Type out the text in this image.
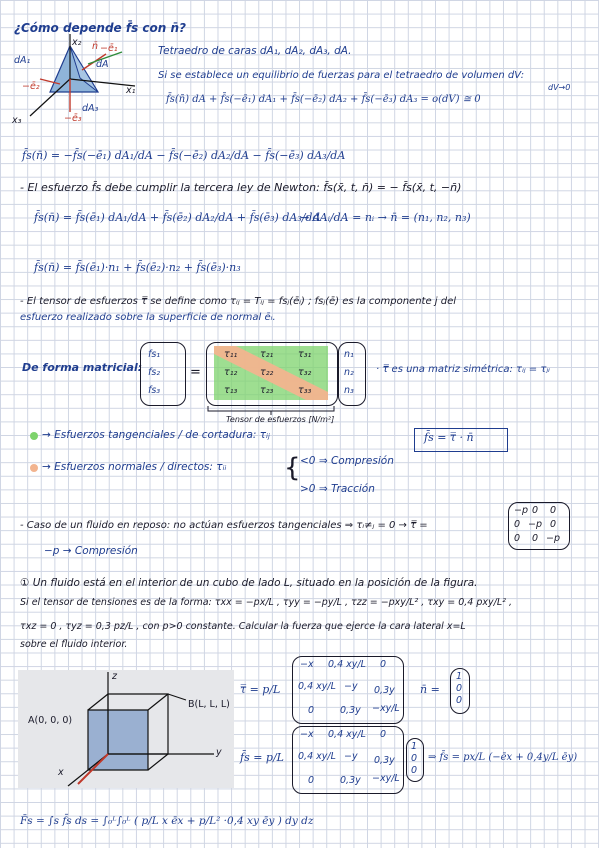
¿Cómo depende f̄s con n̄?
dA₁	dA
−ē₂
−ē₁
dA₃
−ē₃
n̄
x₁
x₂
x₃
Tetraedro de caras dA₁, dA₂, dA₃, dA.
Si se establece un equilibrio de fuerzas para el tetraedro de volumen dV:
f̄s(n̄) dA + f̄s(−ē₁) dA₁ + f̄s(−ē₂) dA₂ + f̄s(−ē₃) dA₃ = o(dV) ≅ 0
dV→0
f̄s(n̄) = −f̄s(−ē₁) dA₁/dA − f̄s(−ē₂) dA₂/dA − f̄s(−ē₃) dA₃/dA
- El esfuerzo f̄s debe cumplir la tercera ley de Newton: f̄s(x̄, t, n̄) = − f̄s(x̄, t, −n̄)
f̄s(n̄) = f̄s(ē₁) dA₁/dA + f̄s(ē₂) dA₂/dA + f̄s(ē₃) dA₃/dA
→ dAᵢ/dA = nᵢ → n̄ = (n₁, n₂, n₃)
f̄s(n̄) = f̄s(ē₁)·n₁ + f̄s(ē₂)·n₂ + f̄s(ē₃)·n₃
- El tensor de esfuerzos τ̿ se define como τᵢⱼ = Tᵢⱼ = fsⱼ(ēᵢ) ; fsⱼ(ē) es la componente j del
esfuerzo realizado sobre la superficie de normal ēᵢ.
De forma matricial:
fs₁
fs₂
fs₃
=
τ₁₁ τ₂₁	τ₃₁
τ₁₂ τ₂₂	τ₃₂
τ₁₃ τ₂₃	τ₃₃
Tensor de esfuerzos [N/m²]
n₁
n₂
n₃
· τ̿ es una matriz simétrica: τᵢⱼ = τⱼᵢ
→ Esfuerzos tangenciales / de cortadura: τᵢⱼ
→ Esfuerzos normales / directos: τᵢᵢ { <0 ⇒ Compresión
>0 ⇒ Tracción
f̄s = τ̿ · n̄
- Caso de un fluido en reposo: no actúan esfuerzos tangenciales ⇒ τᵢ≠ⱼ = 0 → τ̿ =
−p 0 0
0 −p 0
0 0 −p
−p → Compresión
① Un fluido está en el interior de un cubo de lado L, situado en la posición de la figura.
Si el tensor de tensiones es de la forma: τxx = −px/L , τyy = −py/L , τzz = −pxy/L² , τxy = 0,4 pxy/L² ,
τxz = 0 , τyz = 0,3 pz/L , con p>0 constante. Calcular la fuerza que ejerce la cara lateral x=L
sobre el fluido interior.
A(0, 0, 0)
B(L, L, L)
z
y
x
τ̿ = p/L
−x 0,4 xy/L 0
0,4 xy/L −y 0,3y
0	0,3y −xy/L
n̄ =
1
0
0
f̄s = p/L
−x 0,4 xy/L 0
0,4 xy/L −y 0,3y
0	0,3y −xy/L
1
0
0
⇒ f̄s = px/L (−ēx + 0,4y/L ēy)
F̄s = ∫s f̄s ds = ∫₀ᴸ∫₀ᴸ ( p/L x ēx + p/L² ·0,4 xy ēy ) dy dz
